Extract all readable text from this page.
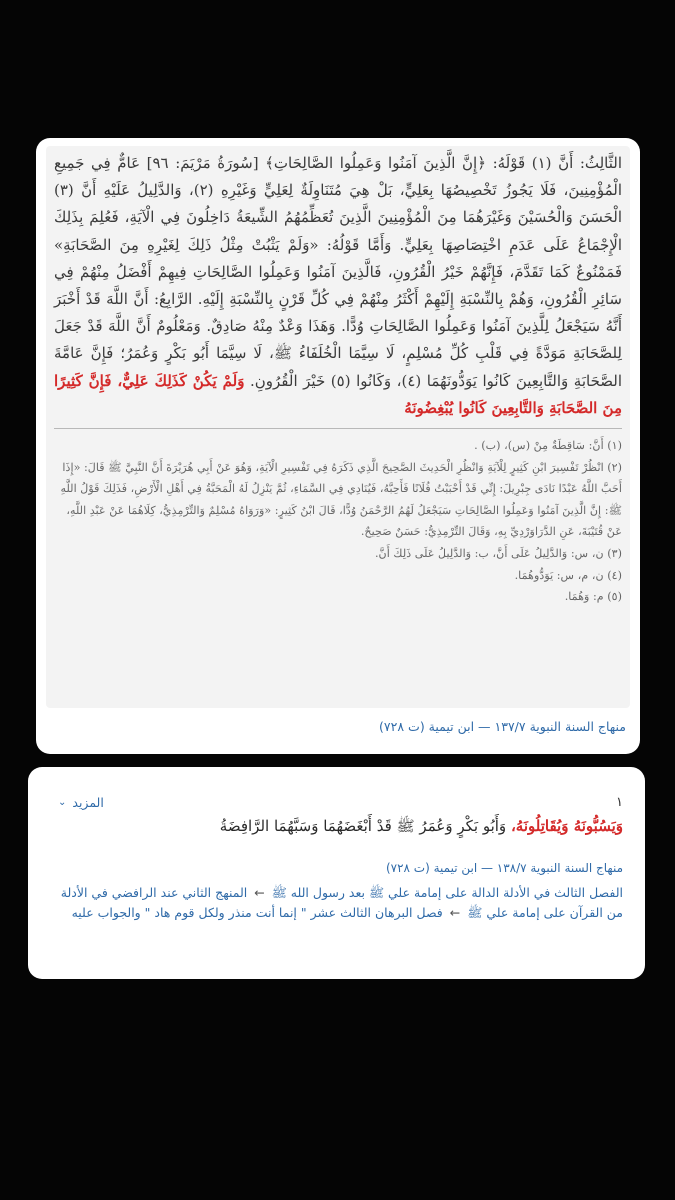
الثَّالِثُ: أَنَّ (١) قَوْلَهُ: ﴿إِنَّ الَّذِينَ آمَنُوا وَعَمِلُوا الصَّالِحَاتِ﴾ [سُورَةُ مَرْيَمَ: ٩٦] عَامٌّ فِي جَمِيعِ الْمُؤْمِنِينَ، فَلَا يَجُوزُ تَخْصِيصُهَا بِعَلِيٍّ، بَلْ هِيَ مُتَنَاوِلَةٌ لِعَلِيٍّ وَغَيْرِهِ (٢)، وَالدَّلِيلُ عَلَيْهِ أَنَّ (٣) الْحَسَنَ وَالْحُسَيْنَ وَغَيْرَهُمَا مِنَ الْمُؤْمِنِينَ الَّذِينَ تُعَظِّمُهُمُ الشِّيعَةُ دَاخِلُونَ فِي الْآيَةِ، فَعُلِمَ بِذَلِكَ الْإِجْمَاعُ عَلَى عَدَمِ اخْتِصَاصِهَا بِعَلِيٍّ. وَأَمَّا قَوْلُهُ: «وَلَمْ يَثْبُتْ مِثْلُ ذَلِكَ لِغَيْرِهِ مِنَ الصَّحَابَةِ» فَمَمْنُوعٌ كَمَا تَقَدَّمَ، فَإِنَّهُمْ خَيْرُ الْقُرُونِ، فَالَّذِينَ آمَنُوا وَعَمِلُوا الصَّالِحَاتِ فِيهِمْ أَفْضَلُ مِنْهُمْ فِي سَائِرِ الْقُرُونِ، وَهُمْ بِالنِّسْبَةِ إِلَيْهِمْ أَكْثَرُ مِنْهُمْ فِي كُلِّ قَرْنٍ بِالنِّسْبَةِ إِلَيْهِ. الرَّابِعُ: أَنَّ اللَّهَ قَدْ أَخْبَرَ أَنَّهُ سَيَجْعَلُ لِلَّذِينَ آمَنُوا وَعَمِلُوا الصَّالِحَاتِ وُدًّا. وَهَذَا وَعْدٌ مِنْهُ صَادِقٌ. وَمَعْلُومٌ أَنَّ اللَّهَ قَدْ جَعَلَ لِلصَّحَابَةِ مَوَدَّةً فِي قَلْبِ كُلِّ مُسْلِمٍ، لَا سِيَّمَا الْخُلَفَاءُ ﷺ، لَا سِيَّمَا أَبُو بَكْرٍ وَعُمَرُ؛ فَإِنَّ عَامَّةَ الصَّحَابَةِ وَالتَّابِعِينَ كَانُوا يَوَدُّونَهُمَا (٤)، وَكَانُوا (٥) خَيْرَ الْقُرُونِ. وَلَمْ يَكُنْ كَذَلِكَ عَلِيٌّ، فَإِنَّ كَثِيرًا مِنَ الصَّحَابَةِ وَالتَّابِعِينَ كَانُوا يُبْغِضُونَهُ

(١) أَنَّ: سَاقِطَةٌ مِنْ (س)، (ب) .

(٢) انْظُرْ تَفْسِيرَ ابْنِ كَثِيرٍ لِلْآيَةِ وَانْظُرِ الْحَدِيثَ الصَّحِيحَ الَّذِي ذَكَرَهُ فِي تَفْسِيرِ الْآيَةِ، وَهُوَ عَنْ أَبِي هُرَيْرَةَ أَنَّ النَّبِيَّ ﷺ قَالَ: «إِذَا أَحَبَّ اللَّهُ عَبْدًا نَادَى جِبْرِيلَ: إِنِّي قَدْ أَحْبَبْتُ فُلَانًا فَأَحِبَّهُ، فَيُنَادِي فِي السَّمَاءِ، ثُمَّ يَنْزِلُ لَهُ الْمَحَبَّةُ فِي أَهْلِ الْأَرْضِ، فَذَلِكَ قَوْلُ اللَّهِ ﷺ: إِنَّ الَّذِينَ آمَنُوا وَعَمِلُوا الصَّالِحَاتِ سَيَجْعَلُ لَهُمُ الرَّحْمَنُ وُدًّا، قَالَ ابْنُ كَثِيرٍ: «وَرَوَاهُ مُسْلِمٌ وَالتِّرْمِذِيُّ، كِلَاهُمَا عَنْ عَبْدِ اللَّهِ، عَنْ قُتَيْبَةَ، عَنِ الدَّرَاوَرْدِيِّ بِهِ، وَقَالَ التِّرْمِذِيُّ: حَسَنٌ صَحِيحٌ.

(٣) ن، س: وَالدَّلِيلُ عَلَى أَنَّ، ب: وَالدَّلِيلُ عَلَى ذَلِكَ أَنَّ.

(٤) ن، م، س: يَوَدُّوهُمَا.

(٥) م: وَهُمَا.

منهاج السنة النبوية ١٣٧/٧ — ابن تيمية (ت ٧٢٨)
١
⌄ المزيد
وَيَسُبُّونَهُ وَيُقَاتِلُونَهُ، وَأَبُو بَكْرٍ وَعُمَرُ ﷺ قَدْ أَبْغَضَهُمَا وَسَبَّهُمَا الرَّافِضَةُ
منهاج السنة النبوية ١٣٨/٧ — ابن تيمية (ت ٧٢٨)
الفصل الثالث في الأدلة الدالة على إمامة علي ﷺ بعد رسول الله ﷺ ← المنهج الثاني عند الرافضي في الأدلة من القرآن على إمامة علي ﷺ ← فصل البرهان الثالث عشر " إنما أنت منذر ولكل قوم هاد " والجواب عليه
